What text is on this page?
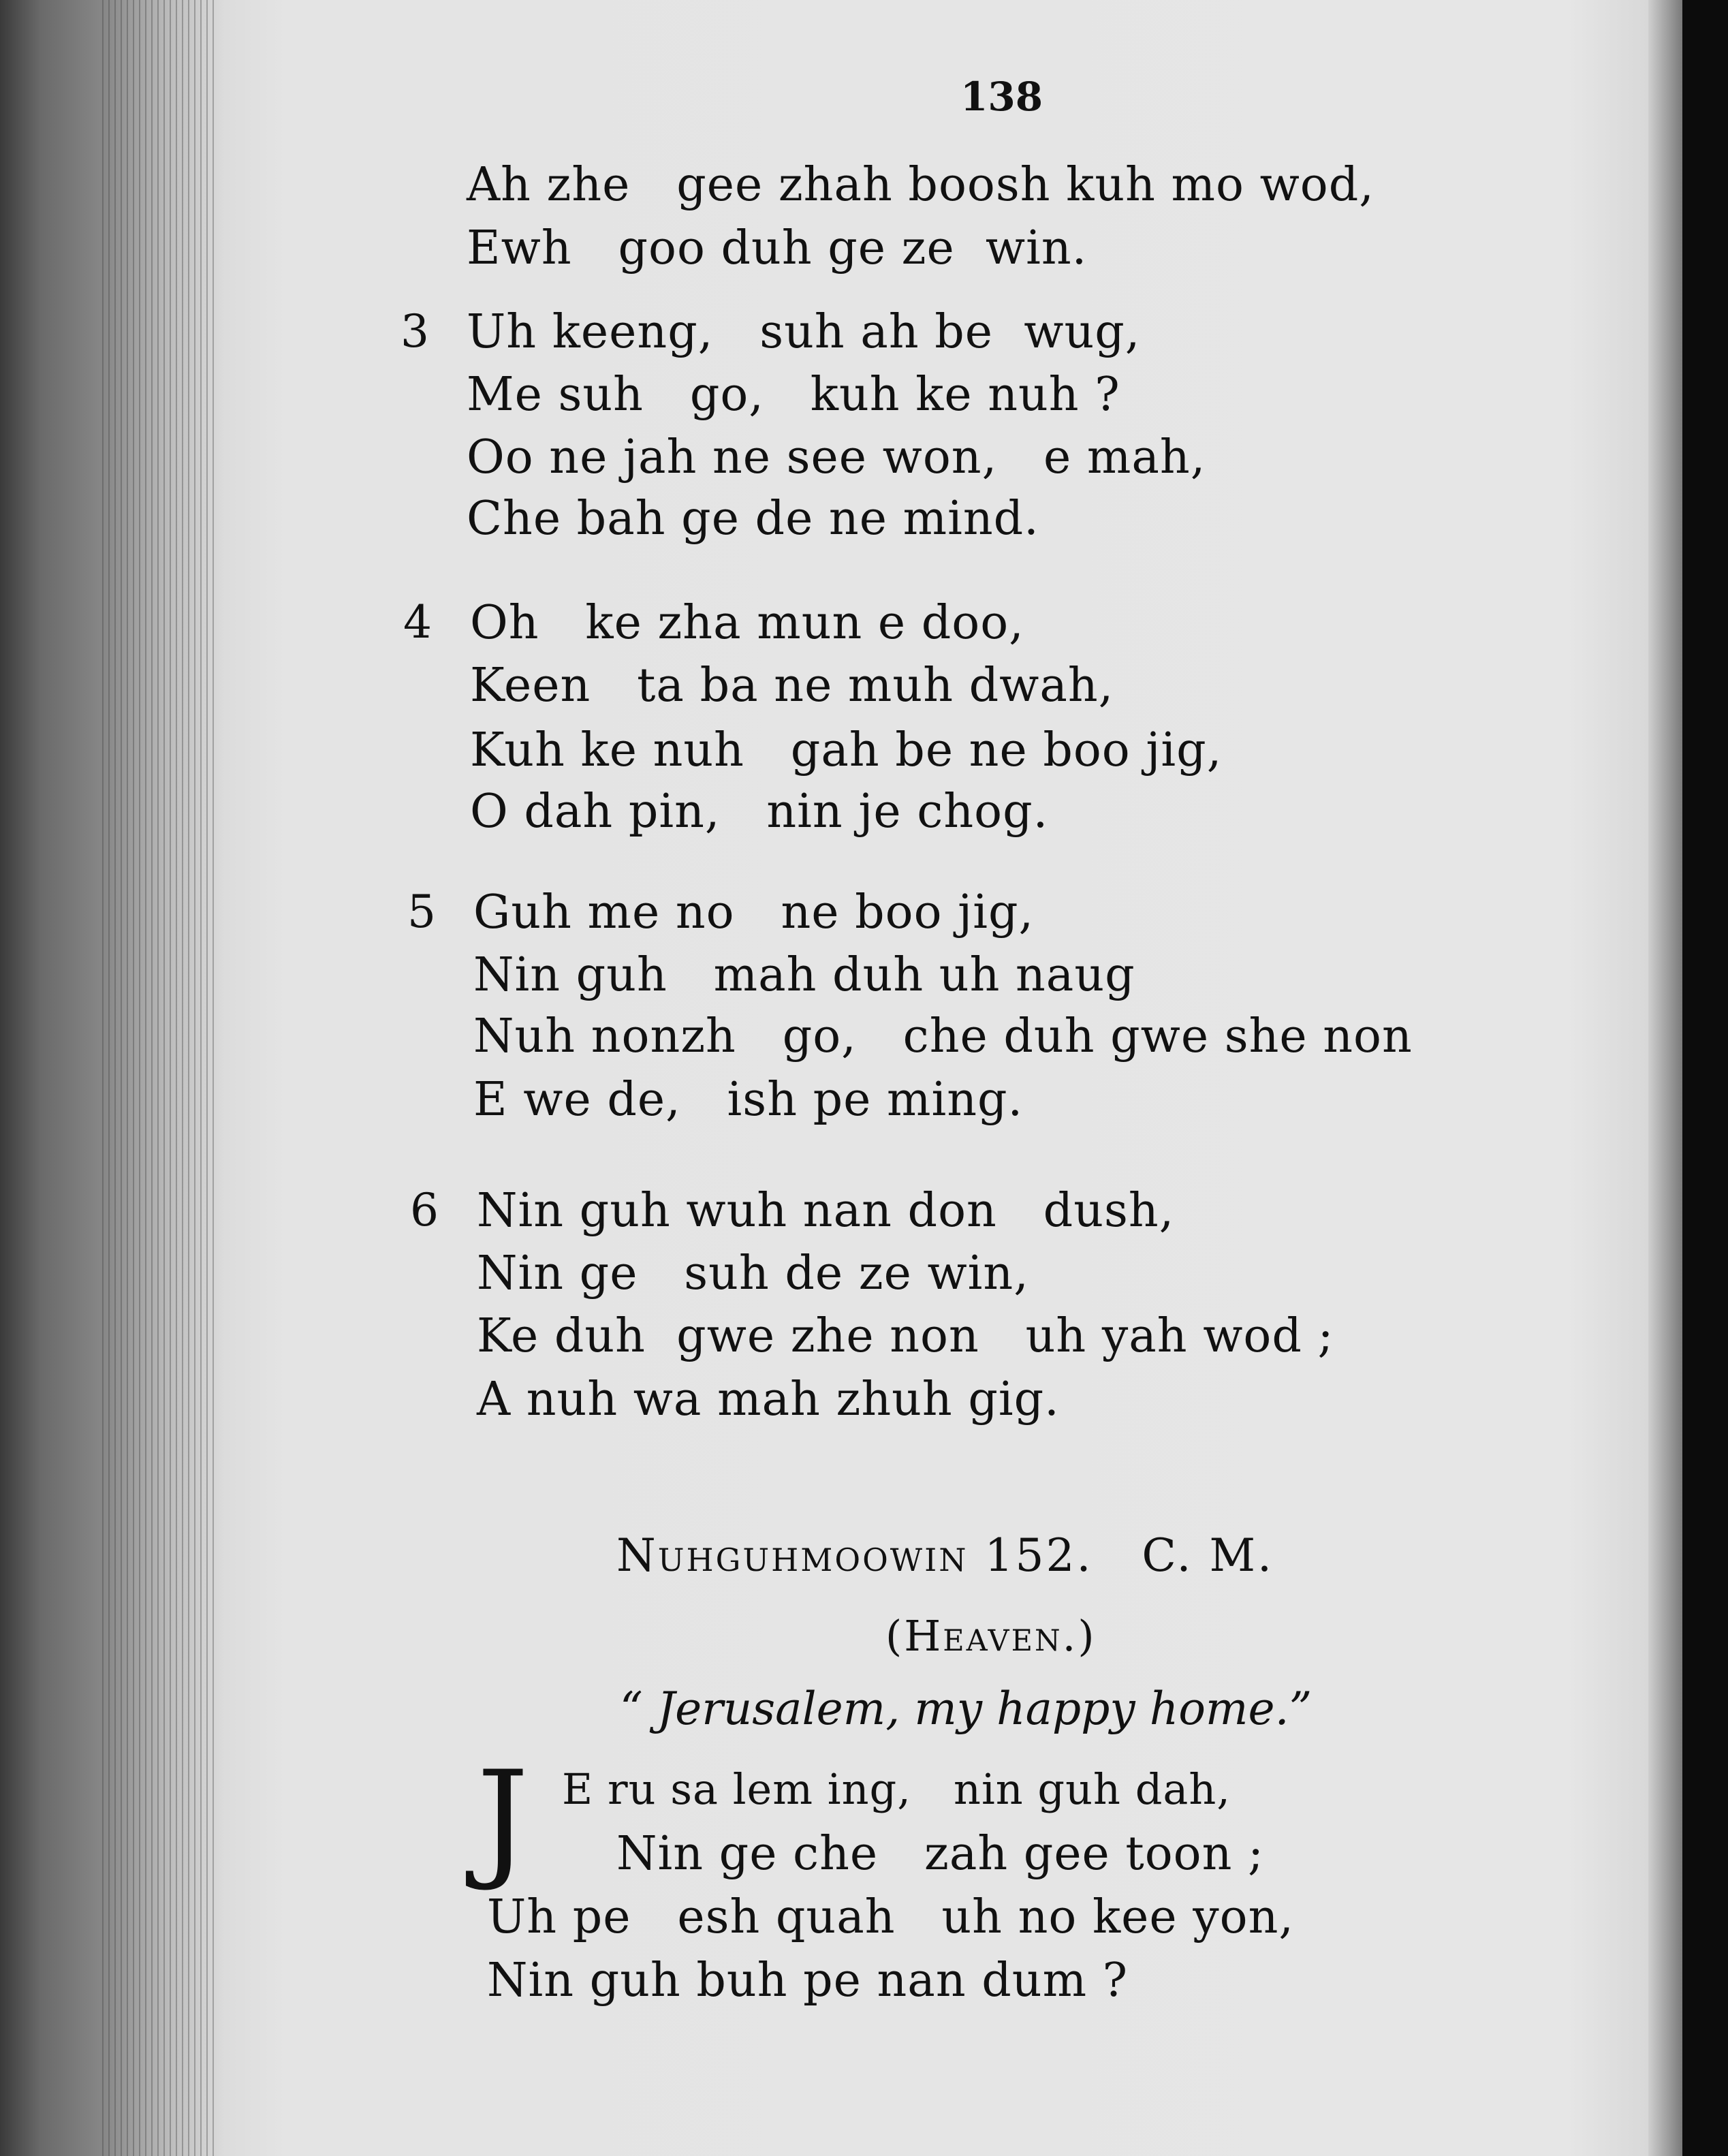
138
Ah zhe   gee zhah boosh kuh mo wod,
Ewh   goo duh ge ze  win.
3 Uh keeng,   suh ah be  wug,
Me suh   go,   kuh ke nuh ?
Oo ne jah ne see won,   e mah,
Che bah ge de ne mind.
4 Oh   ke zha mun e doo,
Keen   ta ba ne muh dwah,
Kuh ke nuh   gah be ne boo jig,
O dah pin,   nin je chog.
5 Guh me no   ne boo jig,
Nin guh   mah duh uh naug
Nuh nonzh   go,   che duh gwe she non
E we de,   ish pe ming.
6 Nin guh wuh nan don   dush,
Nin ge   suh de ze win,
Ke duh  gwe zhe non   uh yah wod ;
A nuh wa mah zhuh gig.
Nuhguhmoowin 152.   C. M.
(Heaven.)
“ Jerusalem, my happy home.”
J E ru sa lem ing,   nin guh dah,
Nin ge che   zah gee toon ;
Uh pe   esh quah   uh no kee yon,
Nin guh buh pe nan dum ?
